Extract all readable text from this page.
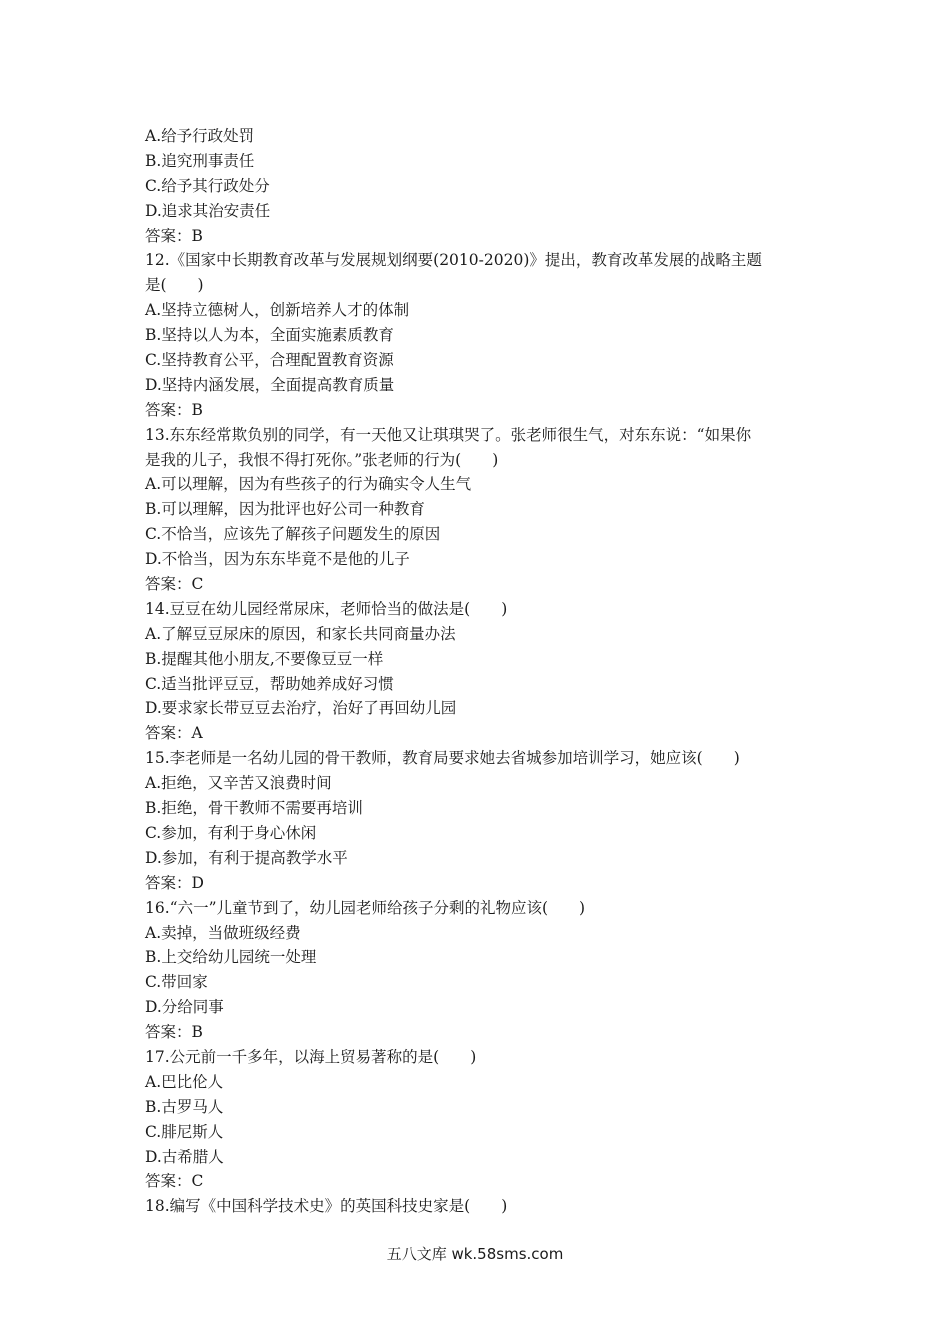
A.给予行政处罚
B.追究刑事责任
C.给予其行政处分
D.追求其治安责任
答案：B
12.《国家中长期教育改革与发展规划纲要(2010-2020)》提出，教育改革发展的战略主题
是(　　)
A.坚持立德树人，创新培养人才的体制
B.坚持以人为本，全面实施素质教育
C.坚持教育公平，合理配置教育资源
D.坚持内涵发展，全面提高教育质量
答案：B
13.东东经常欺负别的同学，有一天他又让琪琪哭了。张老师很生气，对东东说：“如果你
是我的儿子，我恨不得打死你。”张老师的行为(　　)
A.可以理解，因为有些孩子的行为确实令人生气
B.可以理解，因为批评也好公司一种教育
C.不恰当，应该先了解孩子问题发生的原因
D.不恰当，因为东东毕竟不是他的儿子
答案：C
14.豆豆在幼儿园经常尿床，老师恰当的做法是(　　)
A.了解豆豆尿床的原因，和家长共同商量办法
B.提醒其他小朋友,不要像豆豆一样
C.适当批评豆豆，帮助她养成好习惯
D.要求家长带豆豆去治疗，治好了再回幼儿园
答案：A
15.李老师是一名幼儿园的骨干教师，教育局要求她去省城参加培训学习，她应该(　　)
A.拒绝，又辛苦又浪费时间
B.拒绝，骨干教师不需要再培训
C.参加，有利于身心休闲
D.参加，有利于提高教学水平
答案：D
16.“六一”儿童节到了，幼儿园老师给孩子分剩的礼物应该(　　)
A.卖掉，当做班级经费
B.上交给幼儿园统一处理
C.带回家
D.分给同事
答案：B
17.公元前一千多年，以海上贸易著称的是(　　)
A.巴比伦人
B.古罗马人
C.腓尼斯人
D.古希腊人
答案：C
18.编写《中国科学技术史》的英国科技史家是(　　)
五八文库 wk.58sms.com
